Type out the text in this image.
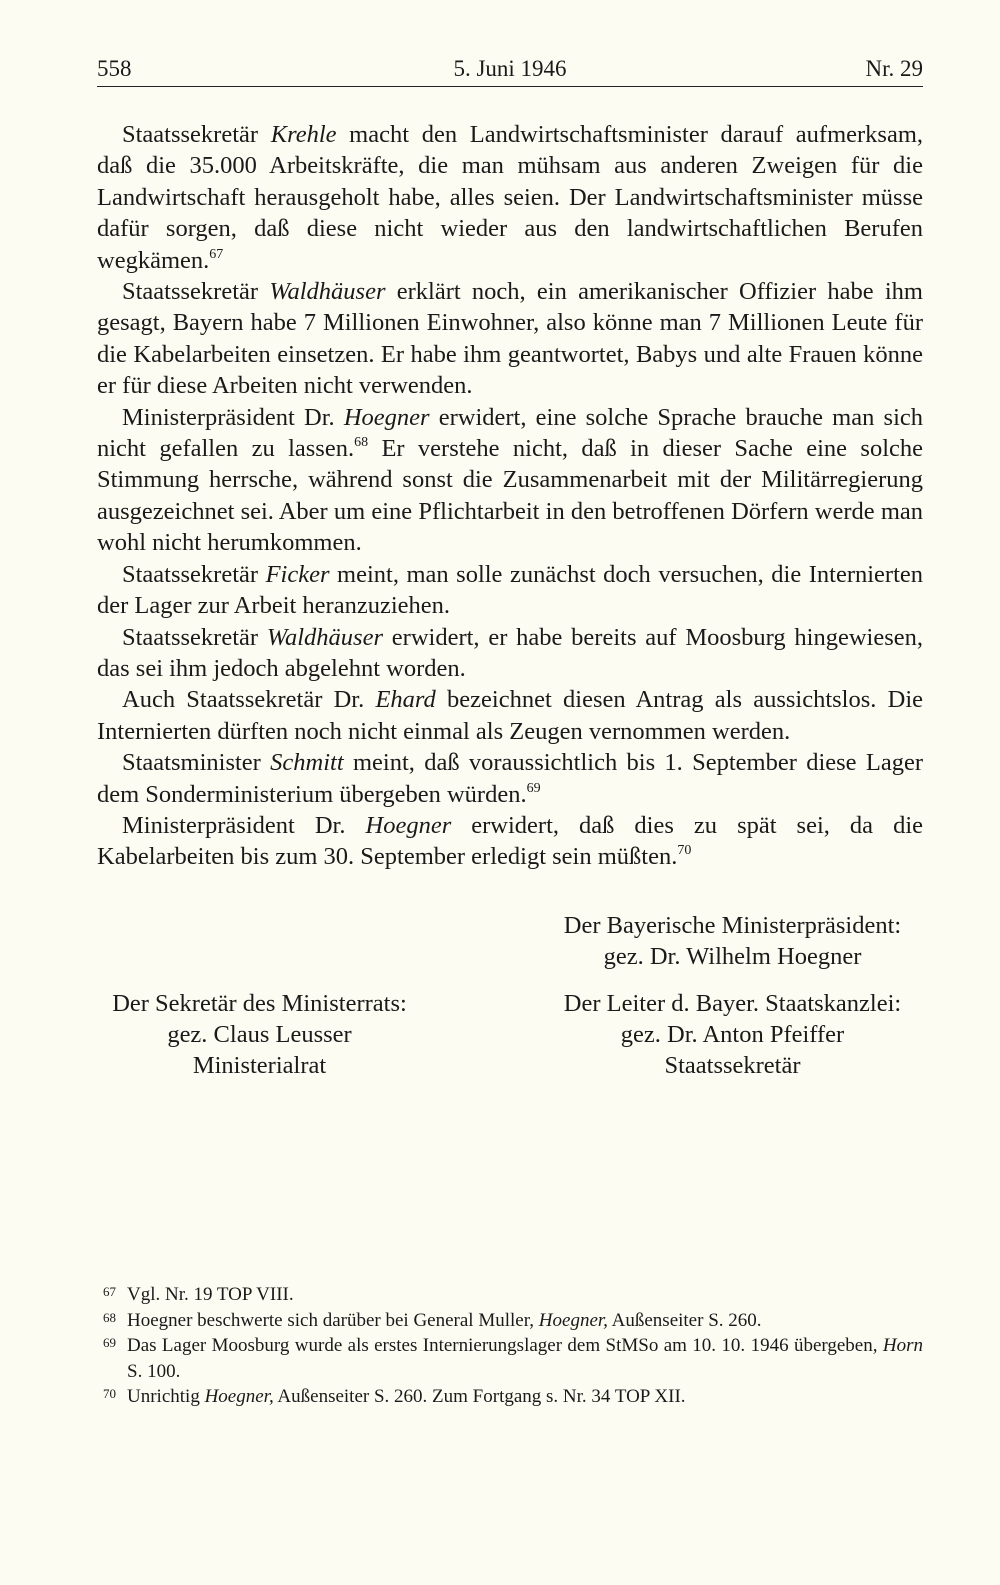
558	5. Juni 1946	Nr. 29

Staatssekretär Krehle macht den Landwirtschaftsminister darauf aufmerksam, daß die 35.000 Arbeitskräfte, die man mühsam aus anderen Zweigen für die Landwirtschaft herausgeholt habe, alles seien. Der Landwirtschaftsminister müsse dafür sorgen, daß diese nicht wieder aus den landwirtschaftlichen Berufen wegkämen.$^{67}$

Staatssekretär Waldhäuser erklärt noch, ein amerikanischer Offizier habe ihm gesagt, Bayern habe 7 Millionen Einwohner, also könne man 7 Millionen Leute für die Kabelarbeiten einsetzen. Er habe ihm geantwortet, Babys und alte Frauen könne er für diese Arbeiten nicht verwenden.

Ministerpräsident Dr. Hoegner erwidert, eine solche Sprache brauche man sich nicht gefallen zu lassen.$^{68}$ Er verstehe nicht, daß in dieser Sache eine solche Stimmung herrsche, während sonst die Zusammenarbeit mit der Militärregierung ausgezeichnet sei. Aber um eine Pflichtarbeit in den betroffenen Dörfern werde man wohl nicht herumkommen.

Staatssekretär Ficker meint, man solle zunächst doch versuchen, die Internierten der Lager zur Arbeit heranzuziehen.

Staatssekretär Waldhäuser erwidert, er habe bereits auf Moosburg hingewiesen, das sei ihm jedoch abgelehnt worden.

Auch Staatssekretär Dr. Ehard bezeichnet diesen Antrag als aussichtslos. Die Internierten dürften noch nicht einmal als Zeugen vernommen werden.

Staatsminister Schmitt meint, daß voraussichtlich bis 1. September diese Lager dem Sonderministerium übergeben würden.$^{69}$

Ministerpräsident Dr. Hoegner erwidert, daß dies zu spät sei, da die Kabelarbeiten bis zum 30. September erledigt sein müßten.$^{70}$

Der Bayerische Ministerpräsident:
gez. Dr. Wilhelm Hoegner
Der Sekretär des Ministerrats:
gez. Claus Leusser
Ministerialrat
Der Leiter d. Bayer. Staatskanzlei:
gez. Dr. Anton Pfeiffer
Staatssekretär
67 Vgl. Nr. 19 TOP VIII.
68 Hoegner beschwerte sich darüber bei General Muller, Hoegner, Außenseiter S. 260.
69 Das Lager Moosburg wurde als erstes Internierungslager dem StMSo am 10. 10. 1946 übergeben, Horn S. 100.
70 Unrichtig Hoegner, Außenseiter S. 260. Zum Fortgang s. Nr. 34 TOP XII.
